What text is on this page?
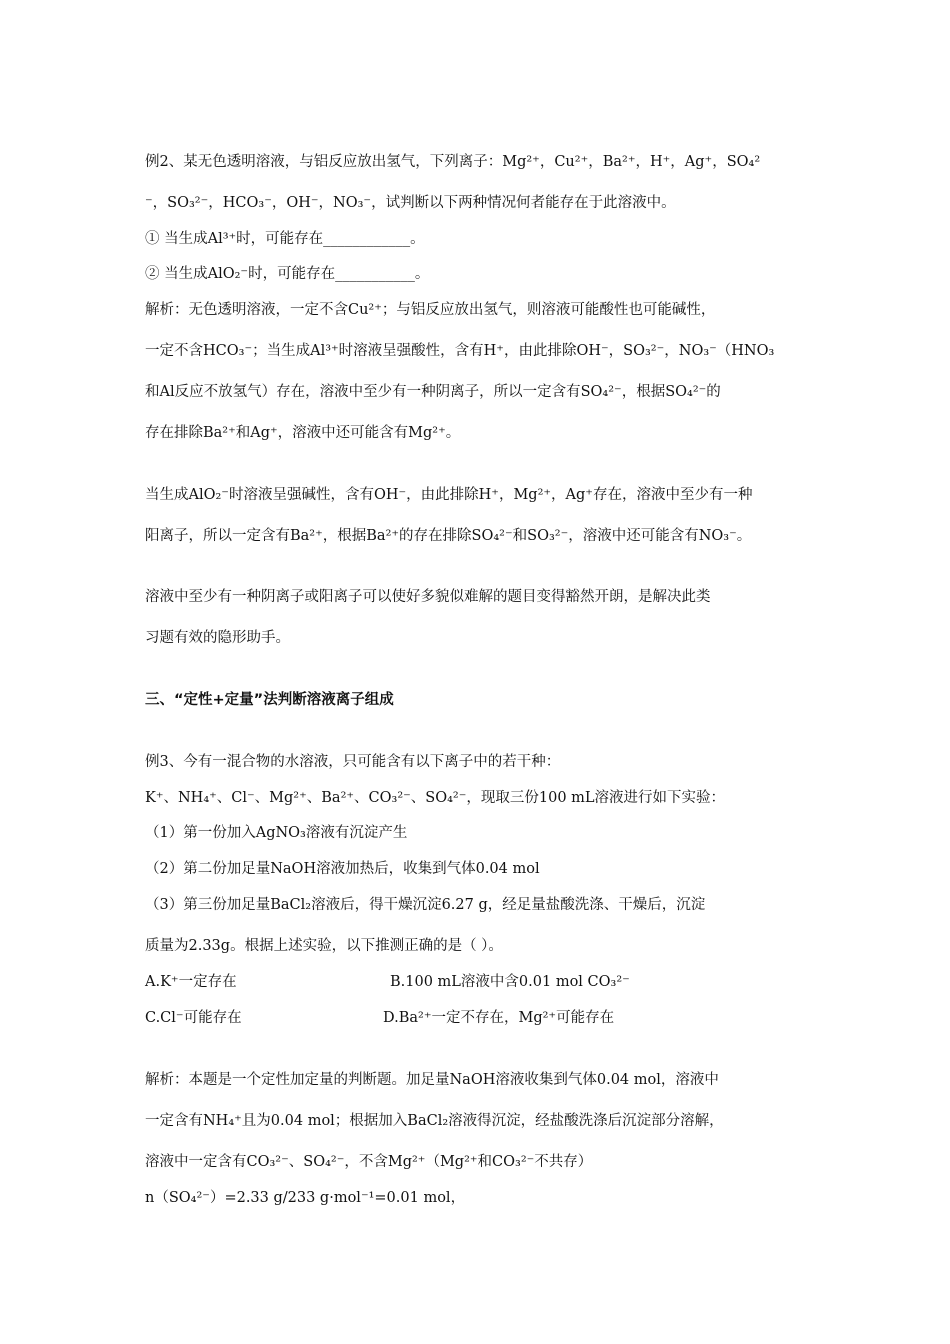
例2、某无色透明溶液，与铝反应放出氢气，下列离子：Mg²⁺，Cu²⁺，Ba²⁺，H⁺，Ag⁺，SO₄²
⁻，SO₃²⁻，HCO₃⁻，OH⁻，NO₃⁻，试判断以下两种情况何者能存在于此溶液中。
① 当生成Al³⁺时，可能存在____________。
② 当生成AlO₂⁻时，可能存在___________。
解析：无色透明溶液，一定不含Cu²⁺；与铝反应放出氢气，则溶液可能酸性也可能碱性，
一定不含HCO₃⁻；当生成Al³⁺时溶液呈强酸性，含有H⁺，由此排除OH⁻，SO₃²⁻，NO₃⁻（HNO₃
和Al反应不放氢气）存在，溶液中至少有一种阴离子，所以一定含有SO₄²⁻，根据SO₄²⁻的
存在排除Ba²⁺和Ag⁺，溶液中还可能含有Mg²⁺。
当生成AlO₂⁻时溶液呈强碱性，含有OH⁻，由此排除H⁺，Mg²⁺，Ag⁺存在，溶液中至少有一种
阳离子，所以一定含有Ba²⁺，根据Ba²⁺的存在排除SO₄²⁻和SO₃²⁻，溶液中还可能含有NO₃⁻。
溶液中至少有一种阴离子或阳离子可以使好多貌似难解的题目变得豁然开朗，是解决此类
习题有效的隐形助手。
三、“定性+定量”法判断溶液离子组成
例3、今有一混合物的水溶液，只可能含有以下离子中的若干种：
K⁺、NH₄⁺、Cl⁻、Mg²⁺、Ba²⁺、CO₃²⁻、SO₄²⁻，现取三份100 mL溶液进行如下实验：
（1）第一份加入AgNO₃溶液有沉淀产生
（2）第二份加足量NaOH溶液加热后，收集到气体0.04 mol
（3）第三份加足量BaCl₂溶液后，得干燥沉淀6.27 g，经足量盐酸洗涤、干燥后，沉淀
质量为2.33g。根据上述实验，以下推测正确的是（ ）。
A.K⁺一定存在	B.100 mL溶液中含0.01 mol CO₃²⁻
C.Cl⁻可能存在	D.Ba²⁺一定不存在，Mg²⁺可能存在
解析：本题是一个定性加定量的判断题。加足量NaOH溶液收集到气体0.04 mol，溶液中
一定含有NH₄⁺且为0.04 mol；根据加入BaCl₂溶液得沉淀，经盐酸洗涤后沉淀部分溶解，
溶液中一定含有CO₃²⁻、SO₄²⁻，不含Mg²⁺（Mg²⁺和CO₃²⁻不共存）
n（SO₄²⁻）=2.33 g/233 g·mol⁻¹=0.01 mol，
